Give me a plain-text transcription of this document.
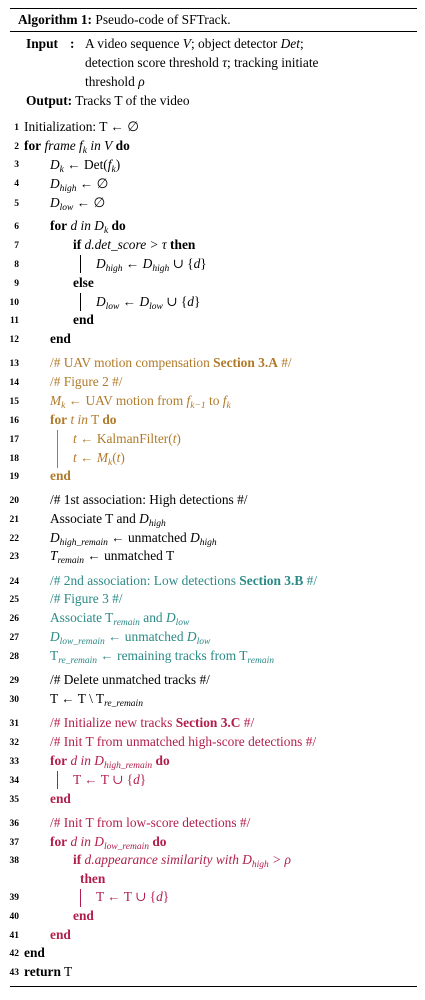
Algorithm 1: Pseudo-code of SFTrack.
Input : A video sequence V; object detector Det;
detection score threshold τ; tracking initiate
threshold ρ
Output: Tracks T of the video
1
2
3
4
5
6
7
8
9
10
11
12
13
14
15
16
17
18
19
20
21
22
23
24
25
26
27
28
29
30
31
32
33
34
35
36
37
38
39
40
41
42
43
Initialization: T ← ∅
for frame $f_k$ in V do
$D_k$ ← $Det(f_k)$
$D_{high}$ ← ∅
$D_{low}$ ← ∅
for d in $D_k$ do
if d.det_score > τ then
$D_{high}$ ← $D_{high}$ ∪ {d}
else
$D_{low}$ ← $D_{low}$ ∪ {d}
end
end
/# UAV motion compensation Section 3.A #/
/# Figure 2 #/
$M_k$ ← UAV motion from $f_{k-1}$ to $f_k$
for t in T do
t ← KalmanFilter(t)
t ← $M_k(t)$
end
/# 1st association: High detections #/
Associate T and $D_{high}$
$D_{high\_remain}$ ← unmatched $D_{high}$
$T_{remain}$ ← unmatched T
/# 2nd association: Low detections Section 3.B #/
/# Figure 3 #/
Associate $T_{remain}$ and $D_{low}$
$D_{low\_remain}$ ← unmatched $D_{low}$
$T_{re\_remain}$ ← remaining tracks from $T_{remain}$
/# Delete unmatched tracks #/
T ← T \ $T_{re\_remain}$
/# Initialize new tracks Section 3.C #/
/# Init T from unmatched high-score detections #/
for d in $D_{high\_remain}$ do
T ← T ∪ {d}
end
/# Init T from low-score detections #/
for d in $D_{low\_remain}$ do
if d.appearance similarity with $D_{high} > \rho$
then
T ← T ∪ {d}
end
end
end
return T
